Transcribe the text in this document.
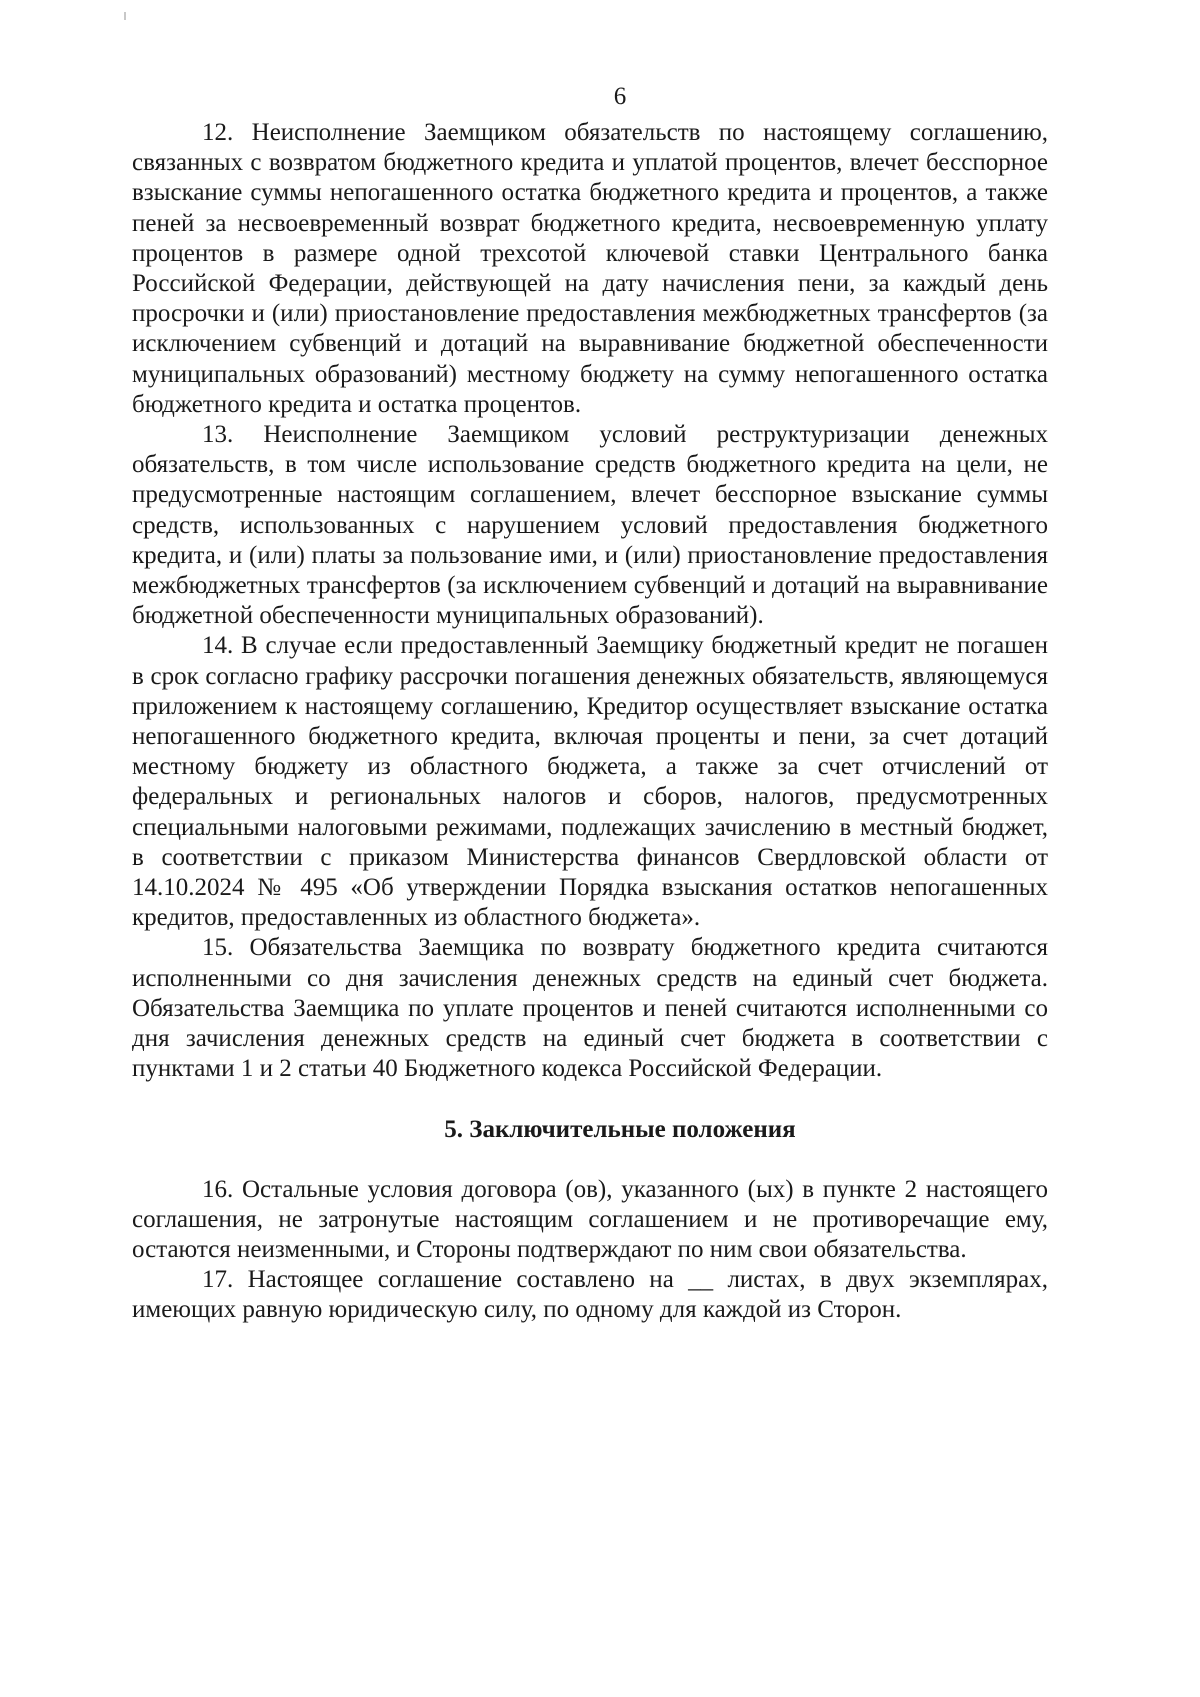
6

12. Неисполнение Заемщиком обязательств по настоящему соглашению, связанных с возвратом бюджетного кредита и уплатой процентов, влечет бесспорное взыскание суммы непогашенного остатка бюджетного кредита и процентов, а также пеней за несвоевременный возврат бюджетного кредита, несвоевременную уплату процентов в размере одной трехсотой ключевой ставки Центрального банка Российской Федерации, действующей на дату начисления пени, за каждый день просрочки и (или) приостановление предоставления межбюджетных трансфертов (за исключением субвенций и дотаций на выравнивание бюджетной обеспеченности муниципальных образований) местному бюджету на сумму непогашенного остатка бюджетного кредита и остатка процентов.

13. Неисполнение Заемщиком условий реструктуризации денежных обязательств, в том числе использование средств бюджетного кредита на цели, не предусмотренные настоящим соглашением, влечет бесспорное взыскание суммы средств, использованных с нарушением условий предоставления бюджетного кредита, и (или) платы за пользование ими, и (или) приостановление предоставления межбюджетных трансфертов (за исключением субвенций и дотаций на выравнивание бюджетной обеспеченности муниципальных образований).

14. В случае если предоставленный Заемщику бюджетный кредит не погашен в срок согласно графику рассрочки погашения денежных обязательств, являющемуся приложением к настоящему соглашению, Кредитор осуществляет взыскание остатка непогашенного бюджетного кредита, включая проценты и пени, за счет дотаций местному бюджету из областного бюджета, а также за счет отчислений от федеральных и региональных налогов и сборов, налогов, предусмотренных специальными налоговыми режимами, подлежащих зачислению в местный бюджет, в соответствии с приказом Министерства финансов Свердловской области от 14.10.2024 № 495 «Об утверждении Порядка взыскания остатков непогашенных кредитов, предоставленных из областного бюджета».

15. Обязательства Заемщика по возврату бюджетного кредита считаются исполненными со дня зачисления денежных средств на единый счет бюджета. Обязательства Заемщика по уплате процентов и пеней считаются исполненными со дня зачисления денежных средств на единый счет бюджета в соответствии с пунктами 1 и 2 статьи 40 Бюджетного кодекса Российской Федерации.

5. Заключительные положения

16. Остальные условия договора (ов), указанного (ых) в пункте 2 настоящего соглашения, не затронутые настоящим соглашением и не противоречащие ему, остаются неизменными, и Стороны подтверждают по ним свои обязательства.

17. Настоящее соглашение составлено на __ листах, в двух экземплярах, имеющих равную юридическую силу, по одному для каждой из Сторон.
